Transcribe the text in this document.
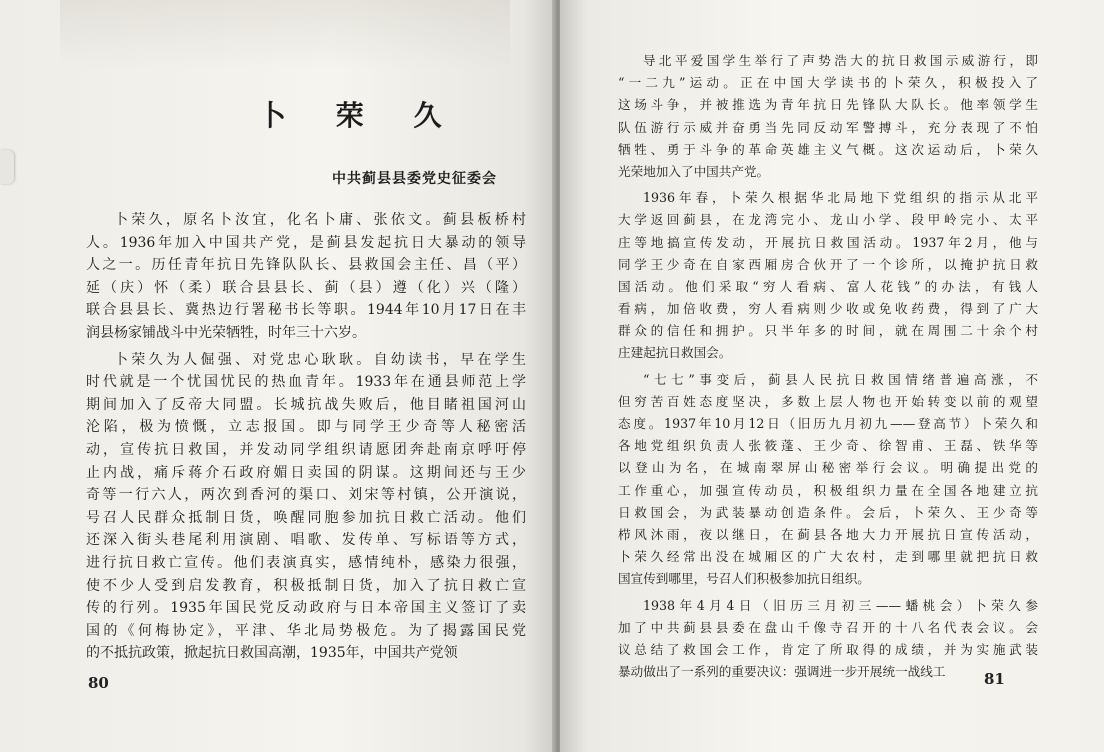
卜 荣 久
中共蓟县县委党史征委会
卜荣久，原名卜汝宜，化名卜庸、张依文。蓟县板桥村
人。1936年加入中国共产党，是蓟县发起抗日大暴动的领导
人之一。历任青年抗日先锋队队长、县救国会主任、昌（平）
延（庆）怀（柔）联合县县长、蓟（县）遵（化）兴（隆）
联合县县长、冀热边行署秘书长等职。1944年10月17日在丰
润县杨家铺战斗中光荣牺牲，时年三十六岁。
卜荣久为人倔强、对党忠心耿耿。自幼读书，早在学生
时代就是一个忧国忧民的热血青年。1933年在通县师范上学
期间加入了反帝大同盟。长城抗战失败后，他目睹祖国河山
沦陷，极为愤慨，立志报国。即与同学王少奇等人秘密活
动，宣传抗日救国，并发动同学组织请愿团奔赴南京呼吁停
止内战，痛斥蒋介石政府媚日卖国的阴谋。这期间还与王少
奇等一行六人，两次到香河的渠口、刘宋等村镇，公开演说，
号召人民群众抵制日货，唤醒同胞参加抗日救亡活动。他们
还深入街头巷尾利用演剧、唱歌、发传单、写标语等方式，
进行抗日救亡宣传。他们表演真实，感情纯朴，感染力很强，
使不少人受到启发教育，积极抵制日货，加入了抗日救亡宣
传的行列。1935年国民党反动政府与日本帝国主义签订了卖
国的《何梅协定》，平津、华北局势极危。为了揭露国民党
的不抵抗政策，掀起抗日救国高潮，1935年，中国共产党领
80
导北平爱国学生举行了声势浩大的抗日救国示威游行，即
“一二九”运动。正在中国大学读书的卜荣久，积极投入了
这场斗争，并被推选为青年抗日先锋队大队长。他率领学生
队伍游行示威并奋勇当先同反动军警搏斗，充分表现了不怕
牺牲、勇于斗争的革命英雄主义气概。这次运动后，卜荣久
光荣地加入了中国共产党。
1936年春，卜荣久根据华北局地下党组织的指示从北平
大学返回蓟县，在龙湾完小、龙山小学、段甲岭完小、太平
庄等地搞宣传发动，开展抗日救国活动。1937年2月，他与
同学王少奇在自家西厢房合伙开了一个诊所，以掩护抗日救
国活动。他们采取“穷人看病、富人花钱”的办法，有钱人
看病，加倍收费，穷人看病则少收或免收药费，得到了广大
群众的信任和拥护。只半年多的时间，就在周围二十余个村
庄建起抗日救国会。
“七七”事变后，蓟县人民抗日救国情绪普遍高涨，不
但穷苦百姓态度坚决，多数上层人物也开始转变以前的观望
态度。1937年10月12日（旧历九月初九——登高节）卜荣久和
各地党组织负责人张筱蓬、王少奇、徐智甫、王磊、铁华等
以登山为名，在城南翠屏山秘密举行会议。明确提出党的
工作重心，加强宣传动员，积极组织力量在全国各地建立抗
日救国会，为武装暴动创造条件。会后，卜荣久、王少奇等
栉风沐雨，夜以继日，在蓟县各地大力开展抗日宣传活动，
卜荣久经常出没在城厢区的广大农村，走到哪里就把抗日救
国宣传到哪里，号召人们积极参加抗日组织。
1938年4月4日（旧历三月初三——蟠桃会）卜荣久参
加了中共蓟县县委在盘山千像寺召开的十八名代表会议。会
议总结了救国会工作，肯定了所取得的成绩，并为实施武装
暴动做出了一系列的重要决议：强调进一步开展统一战线工	81
